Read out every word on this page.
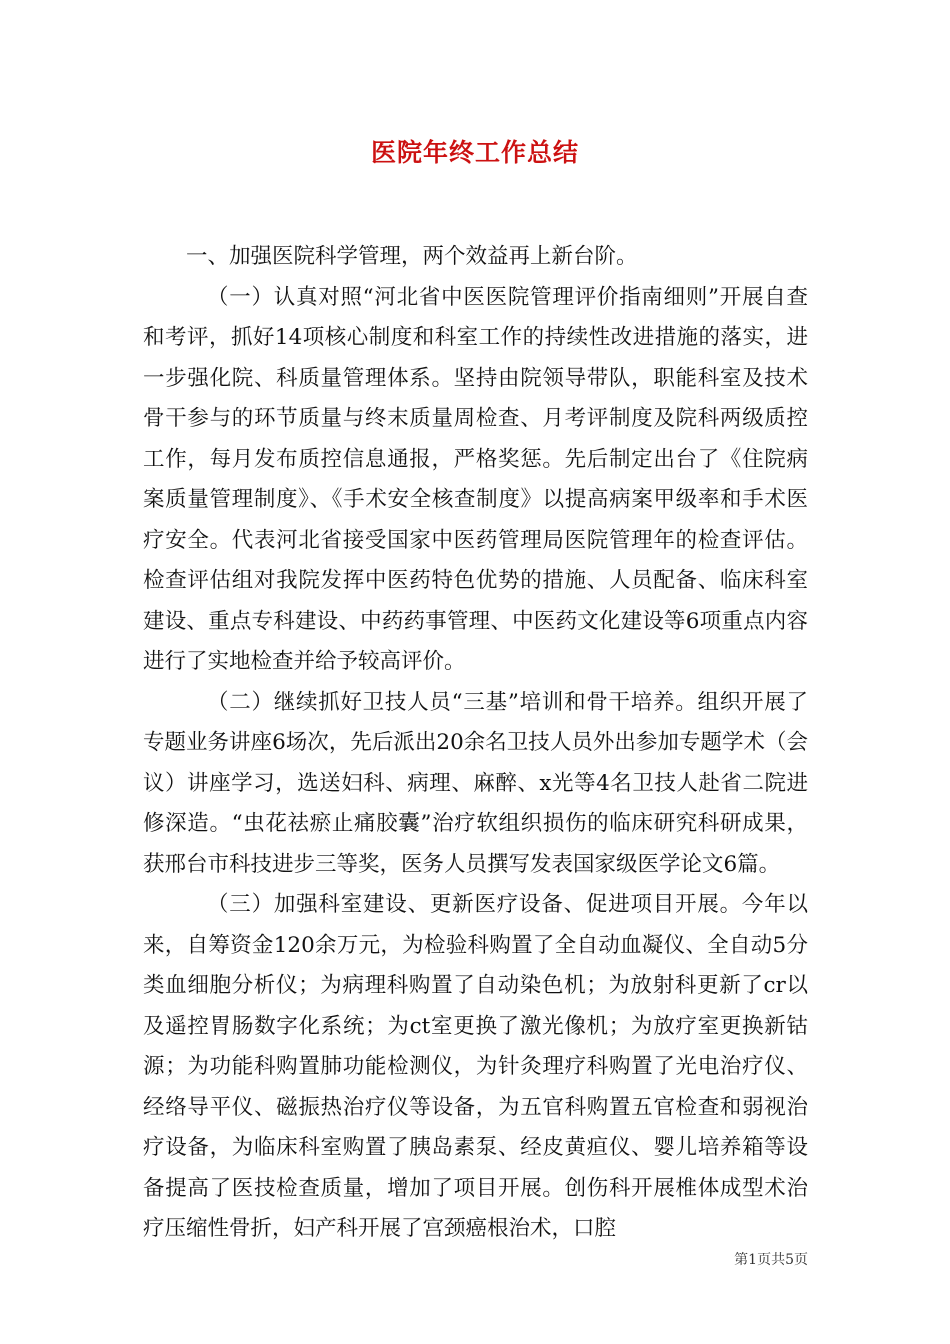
医院年终工作总结

一、加强医院科学管理，两个效益再上新台阶。

（一）认真对照“河北省中医医院管理评价指南细则”开展自查和考评，抓好14项核心制度和科室工作的持续性改进措施的落实，进一步强化院、科质量管理体系。坚持由院领导带队，职能科室及技术骨干参与的环节质量与终末质量周检查、月考评制度及院科两级质控工作，每月发布质控信息通报，严格奖惩。先后制定出台了《住院病案质量管理制度》、《手术安全核查制度》以提高病案甲级率和手术医疗安全。代表河北省接受国家中医药管理局医院管理年的检查评估。检查评估组对我院发挥中医药特色优势的措施、人员配备、临床科室建设、重点专科建设、中药药事管理、中医药文化建设等6项重点内容进行了实地检查并给予较高评价。

（二）继续抓好卫技人员“三基”培训和骨干培养。组织开展了专题业务讲座6场次，先后派出20余名卫技人员外出参加专题学术（会议）讲座学习，选送妇科、病理、麻醉、x光等4名卫技人赴省二院进修深造。“虫花祛瘀止痛胶囊”治疗软组织损伤的临床研究科研成果，获邢台市科技进步三等奖，医务人员撰写发表国家级医学论文6篇。

（三）加强科室建设、更新医疗设备、促进项目开展。今年以来，自筹资金120余万元，为检验科购置了全自动血凝仪、全自动5分类血细胞分析仪；为病理科购置了自动染色机；为放射科更新了cr以及遥控胃肠数字化系统；为ct室更换了激光像机；为放疗室更换新钴源；为功能科购置肺功能检测仪，为针灸理疗科购置了光电治疗仪、经络导平仪、磁振热治疗仪等设备，为五官科购置五官检查和弱视治疗设备，为临床科室购置了胰岛素泵、经皮黄疸仪、婴儿培养箱等设备提高了医技检查质量，增加了项目开展。创伤科开展椎体成型术治疗压缩性骨折，妇产科开展了宫颈癌根治术，口腔

第1页共5页
